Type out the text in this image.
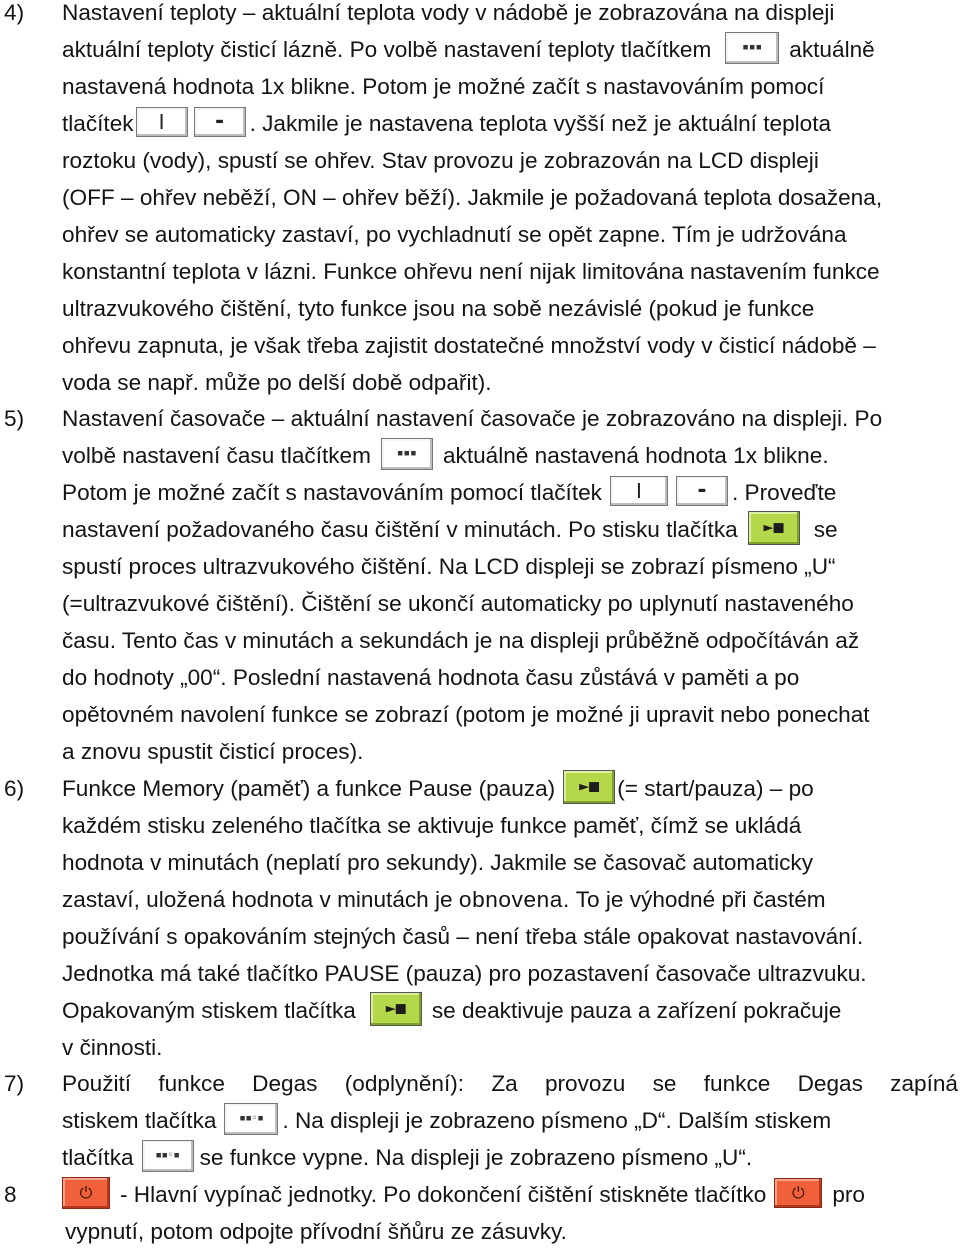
4) Nastavení teploty – aktuální teplota vody v nádobě je zobrazována na displeji
aktuální teploty čisticí lázně. Po volbě nastavení teploty tlačítkem	▪▪▪ aktuálně
nastavená hodnota 1x blikne. Potom je možné začít s nastavováním pomocí
tlačítek I - . Jakmile je nastavena teplota vyšší než je aktuální teplota
roztoku (vody), spustí se ohřev. Stav provozu je zobrazován na LCD displeji
(OFF – ohřev neběží, ON – ohřev běží). Jakmile je požadovaná teplota dosažena,
ohřev se automaticky zastaví, po vychladnutí se opět zapne. Tím je udržována
konstantní teplota v lázni. Funkce ohřevu není nijak limitována nastavením funkce
ultrazvukového čištění, tyto funkce jsou na sobě nezávislé (pokud je funkce
ohřevu zapnuta, je však třeba zajistit dostatečné množství vody v čisticí nádobě –
voda se např. může po delší době odpařit).
5) Nastavení časovače – aktuální nastavení časovače je zobrazováno na displeji. Po
volbě nastavení času tlačítkem	▪▪▪ aktuálně nastavená hodnota 1x blikne.
Potom je možné začít s nastavováním pomocí tlačítek I	- . Proveďte
nastavení požadovaného času čištění v minutách. Po stisku tlačítka ►■ se
spustí proces ultrazvukového čištění. Na LCD displeji se zobrazí písmeno „U“
(=ultrazvukové čištění). Čištění se ukončí automaticky po uplynutí nastaveného
času. Tento čas v minutách a sekundách je na displeji průběžně odpočítáván až
do hodnoty „00“. Poslední nastavená hodnota času zůstává v paměti a po
opětovném navolení funkce se zobrazí (potom je možné ji upravit nebo ponechat
a znovu spustit čisticí proces).
6) Funkce Memory (paměť) a funkce Pause (pauza) ►■ (= start/pauza) – po
každém stisku zeleného tlačítka se aktivuje funkce paměť, čímž se ukládá
hodnota v minutách (neplatí pro sekundy). Jakmile se časovač automaticky
zastaví, uložená hodnota v minutách je obnovena. To je výhodné při častém
používání s opakováním stejných časů – není třeba stále opakovat nastavování.
Jednotka má také tlačítko PAUSE (pauza) pro pozastavení časovače ultrazvuku.
Opakovaným stiskem tlačítka ►■ se deaktivuje pauza a zařízení pokračuje
v činnosti.
7) Použití funkce Degas (odplynění): Za provozu se funkce Degas zapíná
stiskem tlačítka	▪▪◦▪ . Na displeji je zobrazeno písmeno „D“. Dalším stiskem
tlačítka ▪▪◦▪ se funkce vypne. Na displeji je zobrazeno písmeno „U“.
8	⏻ - Hlavní vypínač jednotky. Po dokončení čištění stiskněte tlačítko ⏻ pro
vypnutí, potom odpojte přívodní šňůru ze zásuvky.
